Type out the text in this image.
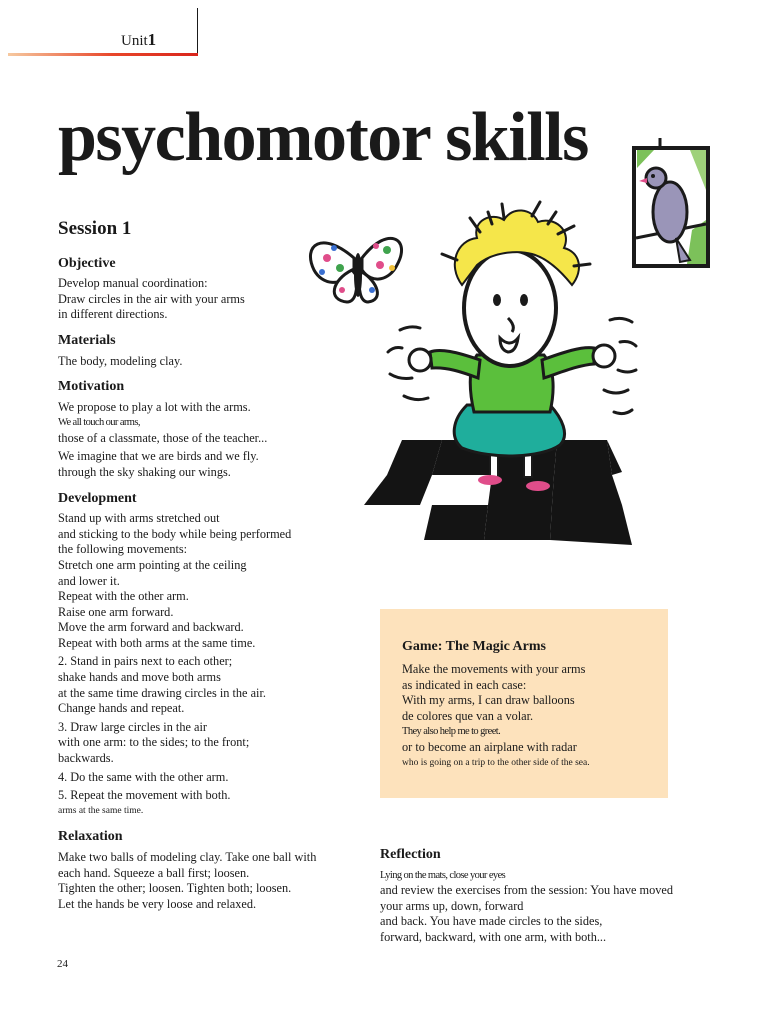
Unit1
psychomotor skills
Session 1
Objective
Develop manual coordination:
Draw circles in the air with your arms
in different directions.
Materials
The body, modeling clay.
Motivation
We propose to play a lot with the arms.
We all touch our arms,
those of a classmate, those of the teacher...
We imagine that we are birds and we fly.
through the sky shaking our wings.
Development
Stand up with arms stretched out
and sticking to the body while being performed
the following movements:
Stretch one arm pointing at the ceiling
and lower it.
Repeat with the other arm.
Raise one arm forward.
Move the arm forward and backward.
Repeat with both arms at the same time.
2. Stand in pairs next to each other;
shake hands and move both arms
at the same time drawing circles in the air.
Change hands and repeat.
3. Draw large circles in the air
with one arm: to the sides; to the front;
backwards.
4. Do the same with the other arm.
5. Repeat the movement with both.
arms at the same time.
Relaxation
Make two balls of modeling clay. Take one ball with
each hand. Squeeze a ball first; loosen.
Tighten the other; loosen. Tighten both; loosen.
Let the hands be very loose and relaxed.
Game: The Magic Arms
Make the movements with your arms
as indicated in each case:
With my arms, I can draw balloons
de colores que van a volar.
They also help me to greet.
or to become an airplane with radar
who is going on a trip to the other side of the sea.
Reflection
Lying on the mats, close your eyes
and review the exercises from the session: You have moved
your arms up, down, forward
and back. You have made circles to the sides,
forward, backward, with one arm, with both...
24
